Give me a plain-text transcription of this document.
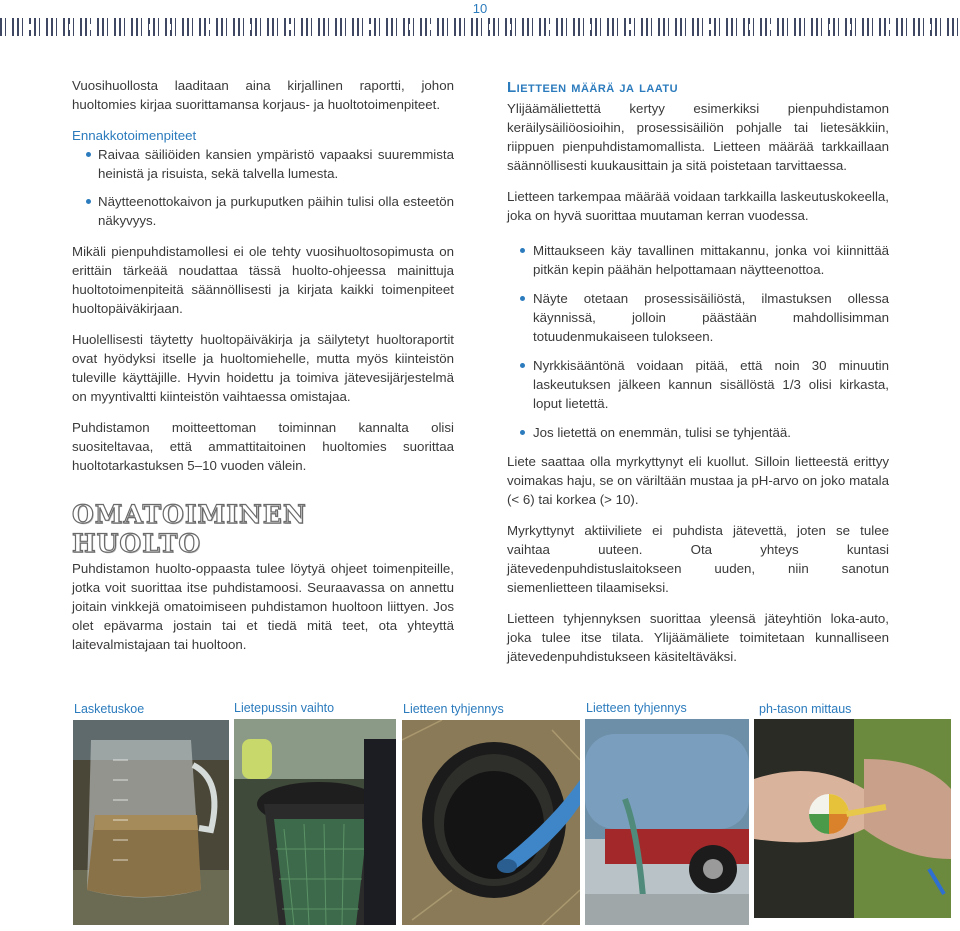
10

Vuosihuollosta laaditaan aina kirjallinen raportti, johon huoltomies kirjaa suorittamansa korjaus- ja huoltotoimenpiteet.

Ennakkotoimenpiteet
Raivaa säiliöiden kansien ympäristö vapaaksi suuremmista heinistä ja risuista, sekä talvella lumesta.
Näytteenottokaivon ja purkuputken päihin tulisi olla esteetön näkyvyys.

Mikäli pienpuhdistamollesi ei ole tehty vuosihuoltosopimusta on erittäin tärkeää noudattaa tässä huolto-ohjeessa mainittuja huoltotoimenpiteitä säännöllisesti ja kirjata kaikki toimenpiteet huoltopäiväkirjaan.

Huolellisesti täytetty huoltopäiväkirja ja säilytetyt huoltoraportit ovat hyödyksi itselle ja huoltomiehelle, mutta myös kiinteistön tuleville käyttäjille. Hyvin hoidettu ja toimiva jätevesijärjestelmä on myyntivaltti kiinteistön vaihtaessa omistajaa.

Puhdistamon moitteettoman toiminnan kannalta olisi suositeltavaa, että ammattitaitoinen huoltomies suorittaa huoltotarkastuksen 5–10 vuoden välein.

OMATOIMINEN HUOLTO

Puhdistamon huolto-oppaasta tulee löytyä ohjeet toimenpiteille, jotka voit suorittaa itse puhdistamoosi. Seuraavassa on annettu joitain vinkkejä omatoimiseen puhdistamon huoltoon liittyen. Jos olet epävarma jostain tai et tiedä mitä teet, ota yhteyttä laitevalmistajaan tai huoltoon.

Lietteen määrä ja laatu

Ylijäämäliettettä kertyy esimerkiksi pienpuhdistamon keräilysäiliöosioihin, prosessisäiliön pohjalle tai lietesäkkiin, riippuen pienpuhdistamomallista. Lietteen määrää tarkkaillaan säännöllisesti kuukausittain ja sitä poistetaan tarvittaessa.

Lietteen tarkempaa määrää voidaan tarkkailla laskeutuskokeella, joka on hyvä suorittaa muutaman kerran vuodessa.

Mittaukseen käy tavallinen mittakannu, jonka voi kiinnittää pitkän kepin päähän helpottamaan näytteenottoa.
Näyte otetaan prosessisäiliöstä, ilmastuksen ollessa käynnissä, jolloin päästään mahdollisimman totuudenmukaiseen tulokseen.
Nyrkkisääntönä voidaan pitää, että noin 30 minuutin laskeutuksen jälkeen kannun sisällöstä 1/3 olisi kirkasta, loput lietettä.
Jos lietettä on enemmän, tulisi se tyhjentää.

Liete saattaa olla myrkyttynyt eli kuollut. Silloin lietteestä erittyy voimakas haju, se on väriltään mustaa ja pH-arvo on joko matala (< 6) tai korkea (> 10).

Myrkyttynyt aktiiviliete ei puhdista jätevettä, joten se tulee vaihtaa uuteen. Ota yhteys kuntasi jätevedenpuhdistuslaitokseen uuden, niin sanotun siemenlietteen tilaamiseksi.

Lietteen tyhjennyksen suorittaa yleensä jäteyhtiön loka-auto, joka tulee itse tilata. Ylijäämäliete toimitetaan kunnalliseen jätevedenpuhdistukseen käsiteltäväksi.

Lasketuskoe	Lietepussin vaihto	Lietteen tyhjennys	Lietteen tyhjennys	ph-tason mittaus
